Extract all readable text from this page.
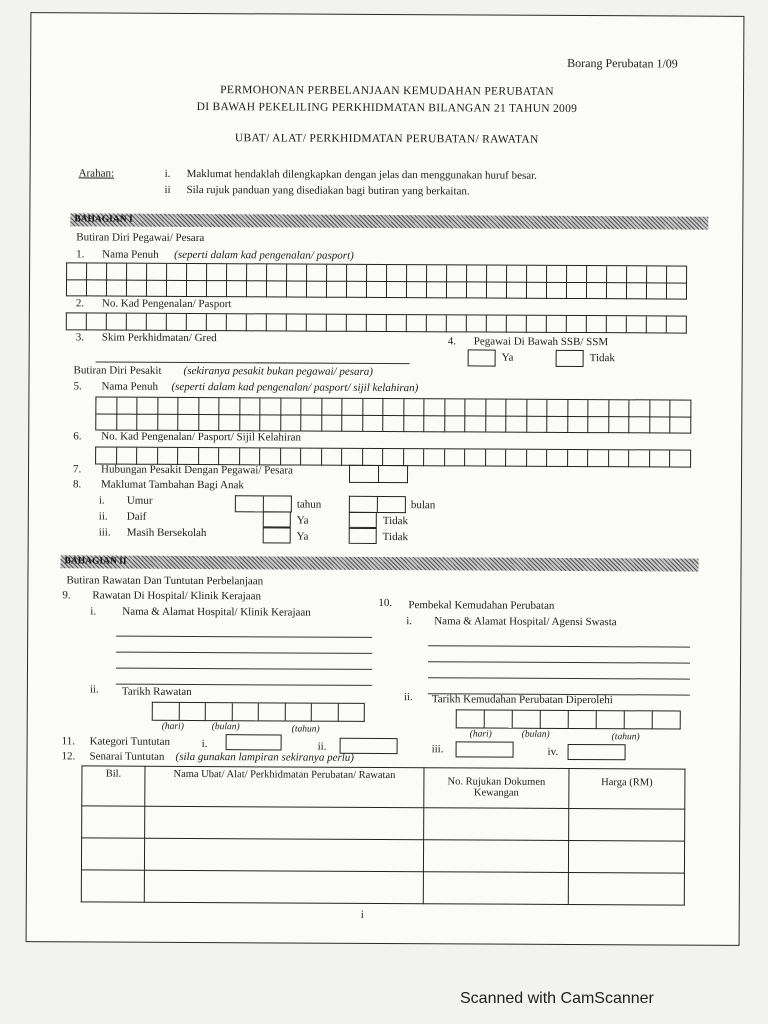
Borang Perubatan 1/09
PERMOHONAN PERBELANJAAN KEMUDAHAN PERUBATAN
DI BAWAH PEKELILING PERKHIDMATAN BILANGAN 21 TAHUN 2009
UBAT/ ALAT/ PERKHIDMATAN PERUBATAN/ RAWATAN
Arahan:	i. Maklumat hendaklah dilengkapkan dengan jelas dan menggunakan huruf besar.
ii Sila rujuk panduan yang disediakan bagi butiran yang berkaitan.
BAHAGIAN I
Butiran Diri Pegawai/ Pesara
1. Nama Penuh (seperti dalam kad pengenalan/ pasport)
2. No. Kad Pengenalan/ Pasport
3. Skim Perkhidmatan/ Gred	4. Pegawai Di Bawah SSB/ SSM
Ya	Tidak
Butiran Diri Pesakit (sekiranya pesakit bukan pegawai/ pesara)
5. Nama Penuh (seperti dalam kad pengenalan/ pasport/ sijil kelahiran)
6. No. Kad Pengenalan/ Pasport/ Sijil Kelahiran
7. Hubungan Pesakit Dengan Pegawai/ Pesara
8. Maklumat Tambahan Bagi Anak
i. Umur	tahun	bulan
ii. Daif	Ya	Tidak
iii. Masih Bersekolah	Ya	Tidak
BAHAGIAN II
Butiran Rawatan Dan Tuntutan Perbelanjaan
9. Rawatan Di Hospital/ Klinik Kerajaan
i. Nama & Alamat Hospital/ Klinik Kerajaan
ii. Tarikh Rawatan
(hari)	(bulan)	(tahun)
10. Pembekal Kemudahan Perubatan
i. Nama & Alamat Hospital/ Agensi Swasta
ii. Tarikh Kemudahan Perubatan Diperolehi
(hari)	(bulan)	(tahun)
11. Kategori Tuntutan	i.	ii.	iii.	iv.
12. Senarai Tuntutan (sila gunakan lampiran sekiranya perlu)
Bil.	Nama Ubat/ Alat/ Perkhidmatan Perubatan/ Rawatan	No. Rujukan Dokumen Kewangan	Harga (RM)

i
Scanned with CamScanner
